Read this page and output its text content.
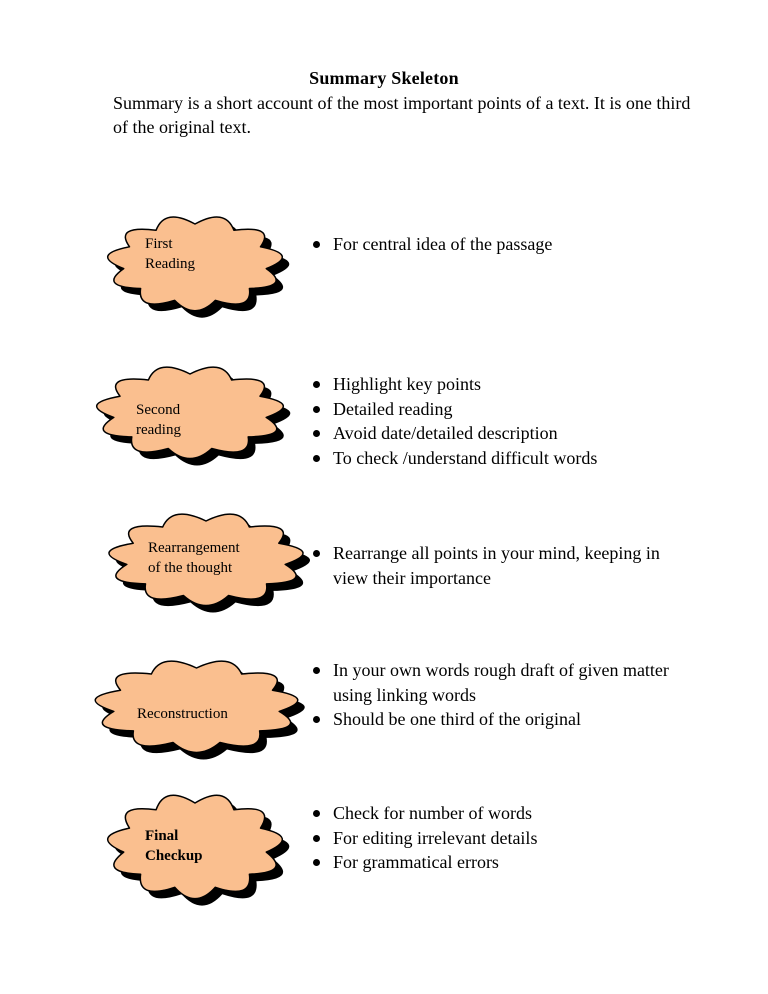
Summary Skeleton
Summary is a short account of the most important points of a text. It is one third of the original text.
First
Reading
For central idea of the passage
Second
reading
Highlight key points
Detailed reading
Avoid date/detailed description
To check /understand difficult words
Rearrangement
of the thought
Rearrange all points in your mind, keeping in view their importance
Reconstruction
In your own words rough draft of given matter using linking words
Should be one third of the original
Final
Checkup
Check for number of words
For editing irrelevant details
For grammatical errors
